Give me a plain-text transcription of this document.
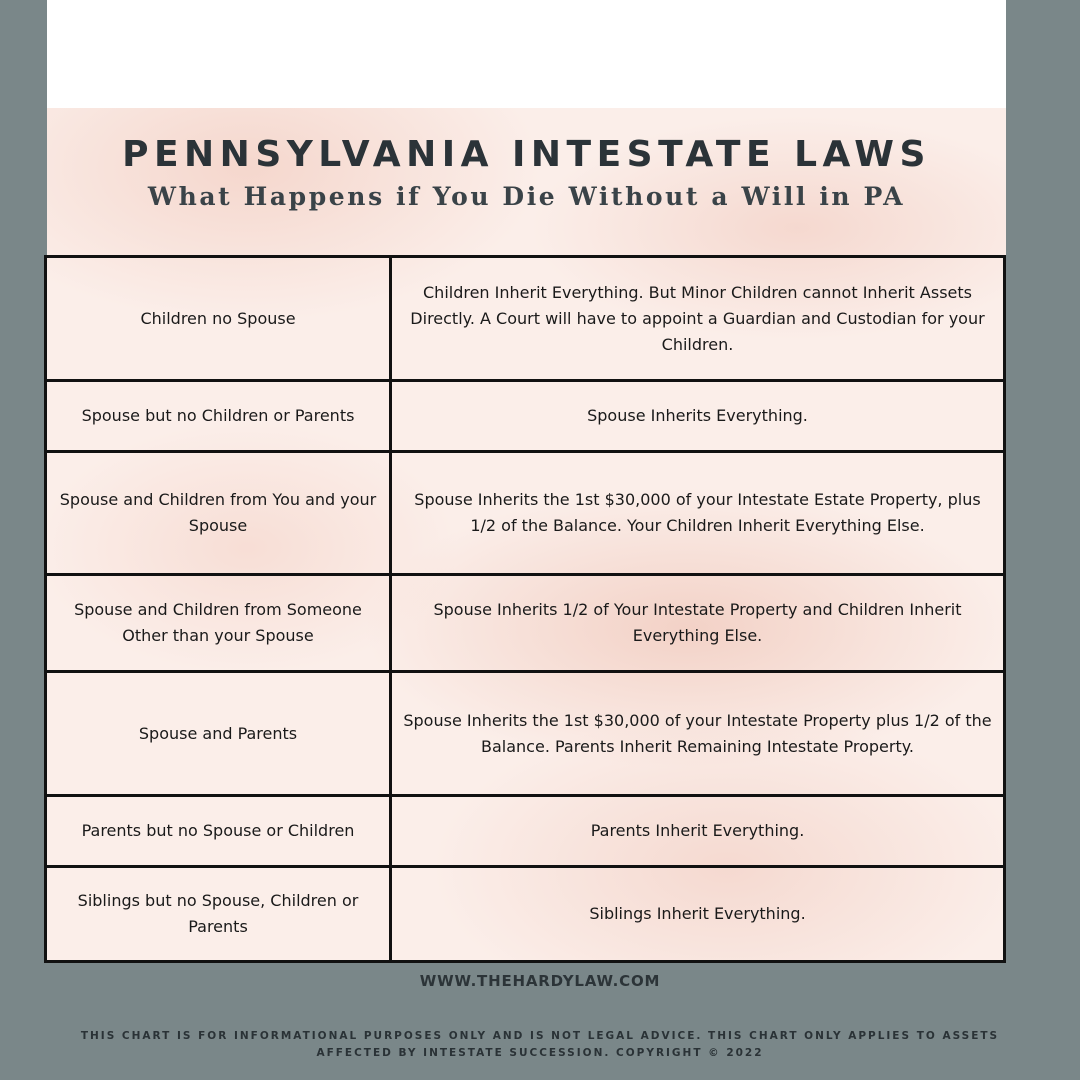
PENNSYLVANIA INTESTATE LAWS
What Happens if You Die Without a Will in PA
Children no Spouse	Children Inherit Everything. But Minor Children cannot Inherit Assets Directly. A Court will have to appoint a Guardian and Custodian for your Children.
Spouse but no Children or Parents	Spouse Inherits Everything.
Spouse and Children from You and your Spouse	Spouse Inherits the 1st $30,000 of your Intestate Estate Property, plus 1/2 of the Balance. Your Children Inherit Everything Else.
Spouse and Children from Someone Other than your Spouse	Spouse Inherits 1/2 of Your Intestate Property and Children Inherit Everything Else.
Spouse and Parents	Spouse Inherits the 1st $30,000 of your Intestate Property plus 1/2 of the Balance. Parents Inherit Remaining Intestate Property.
Parents but no Spouse or Children	Parents Inherit Everything.
Siblings but no Spouse, Children or Parents	Siblings Inherit Everything.
WWW.THEHARDYLAW.COM
THIS CHART IS FOR INFORMATIONAL PURPOSES ONLY AND IS NOT LEGAL ADVICE. THIS CHART ONLY APPLIES TO ASSETS AFFECTED BY INTESTATE SUCCESSION. COPYRIGHT © 2022
